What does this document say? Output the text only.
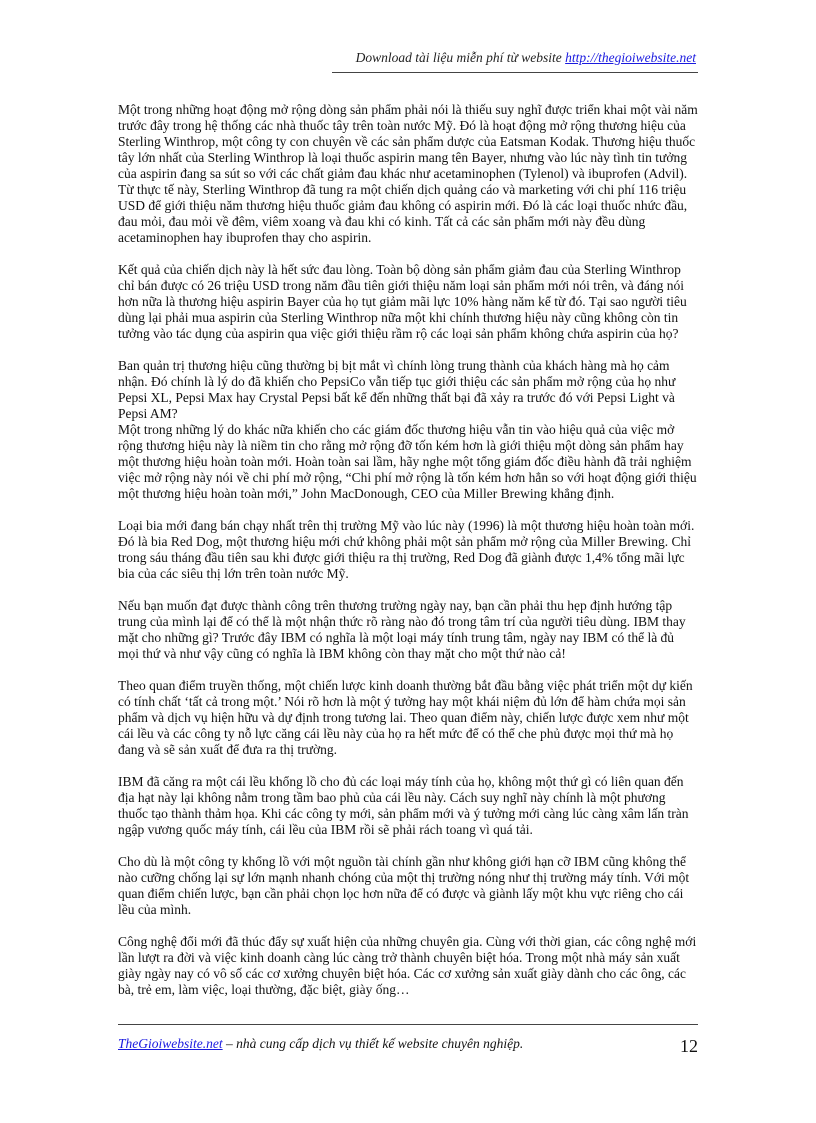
Download tài liệu miễn phí từ website http://thegioiwebsite.net

Một trong những hoạt động mở rộng dòng sản phẩm phải nói là thiếu suy nghĩ được triển khai một vài năm trước đây trong hệ thống các nhà thuốc tây trên toàn nước Mỹ. Đó là hoạt động mở rộng thương hiệu của Sterling Winthrop, một công ty con chuyên về các sản phẩm dược của Eatsman Kodak. Thương hiệu thuốc tây lớn nhất của Sterling Winthrop là loại thuốc aspirin mang tên Bayer, nhưng vào lúc này tình tin tưởng của aspirin đang sa sút so với các chất giảm đau khác như acetaminophen (Tylenol) và ibuprofen (Advil). Từ thực tế này, Sterling Winthrop đã tung ra một chiến dịch quảng cáo và marketing với chi phí 116 triệu USD để giới thiệu năm thương hiệu thuốc giảm đau không có aspirin mới. Đó là các loại thuốc nhức đầu, đau mỏi, đau mỏi về đêm, viêm xoang và đau khi có kinh. Tất cả các sản phẩm mới này đều dùng acetaminophen hay ibuprofen thay cho aspirin.

Kết quả của chiến dịch này là hết sức đau lòng. Toàn bộ dòng sản phẩm giảm đau của Sterling Winthrop chỉ bán được có 26 triệu USD trong năm đầu tiên giới thiệu năm loại sản phẩm mới nói trên, và đáng nói hơn nữa là thương hiệu aspirin Bayer của họ tụt giảm mãi lực 10% hàng năm kể từ đó. Tại sao người tiêu dùng lại phải mua aspirin của Sterling Winthrop nữa một khi chính thương hiệu này cũng không còn tin tưởng vào tác dụng của aspirin qua việc giới thiệu rầm rộ các loại sản phẩm không chứa aspirin của họ?

Ban quản trị thương hiệu cũng thường bị bịt mắt vì chính lòng trung thành của khách hàng mà họ cảm nhận. Đó chính là lý do đã khiến cho PepsiCo vẫn tiếp tục giới thiệu các sản phẩm mở rộng của họ như Pepsi XL, Pepsi Max hay Crystal Pepsi bất kể đến những thất bại đã xảy ra trước đó với Pepsi Light và Pepsi AM?

Một trong những lý do khác nữa khiến cho các giám đốc thương hiệu vẫn tin vào hiệu quả của việc mở rộng thương hiệu này là niềm tin cho rằng mở rộng đỡ tốn kém hơn là giới thiệu một dòng sản phẩm hay một thương hiệu hoàn toàn mới. Hoàn toàn sai lầm, hãy nghe một tổng giám đốc điều hành đã trải nghiệm việc mở rộng này nói về chi phí mở rộng, “Chi phí mở rộng là tốn kém hơn hẳn so với hoạt động giới thiệu một thương hiệu hoàn toàn mới,” John MacDonough, CEO của Miller Brewing khẳng định.

Loại bia mới đang bán chạy nhất trên thị trường Mỹ vào lúc này (1996) là một thương hiệu hoàn toàn mới. Đó là bia Red Dog, một thương hiệu mới chứ không phải một sản phẩm mở rộng của Miller Brewing. Chỉ trong sáu tháng đầu tiên sau khi được giới thiệu ra thị trường, Red Dog đã giành được 1,4% tổng mãi lực bia của các siêu thị lớn trên toàn nước Mỹ.

Nếu bạn muốn đạt được thành công trên thương trường ngày nay, bạn cần phải thu hẹp định hướng tập trung của mình lại để có thể là một nhận thức rõ ràng nào đó trong tâm trí của người tiêu dùng. IBM thay mặt cho những gì? Trước đây IBM có nghĩa là một loại máy tính trung tâm, ngày nay IBM có thể là đủ mọi thứ và như vậy cũng có nghĩa là IBM không còn thay mặt cho một thứ nào cả!

Theo quan điểm truyền thống, một chiến lược kinh doanh thường bắt đầu bằng việc phát triển một dự kiến có tính chất ‘tất cả trong một.’ Nói rõ hơn là một ý tưởng hay một khái niệm đủ lớn để hàm chứa mọi sản phẩm và dịch vụ hiện hữu và dự định trong tương lai. Theo quan điểm này, chiến lược được xem như một cái lều và các công ty nỗ lực căng cái lều này của họ ra hết mức để có thể che phủ được mọi thứ mà họ đang và sẽ sản xuất để đưa ra thị trường.

IBM đã căng ra một cái lều khổng lồ cho đủ các loại máy tính của họ, không một thứ gì có liên quan đến địa hạt này lại không nằm trong tầm bao phủ của cái lều này. Cách suy nghĩ này chính là một phương thuốc tạo thành thảm họa. Khi các công ty mới, sản phẩm mới và ý tưởng mới càng lúc càng xâm lấn tràn ngập vương quốc máy tính, cái lều của IBM rồi sẽ phải rách toang vì quá tải.

Cho dù là một công ty khổng lồ với một nguồn tài chính gần như không giới hạn cỡ IBM cũng không thể nào cưỡng chống lại sự lớn mạnh nhanh chóng của một thị trường nóng như thị trường máy tính. Với một quan điểm chiến lược, bạn cần phải chọn lọc hơn nữa để có được và giành lấy một khu vực riêng cho cái lều của mình.

Công nghệ đổi mới đã thúc đẩy sự xuất hiện của những chuyên gia. Cùng với thời gian, các công nghệ mới lần lượt ra đời và việc kinh doanh càng lúc càng trở thành chuyên biệt hóa. Trong một nhà máy sản xuất giày ngày nay có vô số các cơ xưởng chuyên biệt hóa. Các cơ xưởng sản xuất giày dành cho các ông, các bà, trẻ em, làm việc, loại thường, đặc biệt, giày ống…

TheGioiwebsite.net – nhà cung cấp dịch vụ thiết kế website chuyên nghiệp.	12
